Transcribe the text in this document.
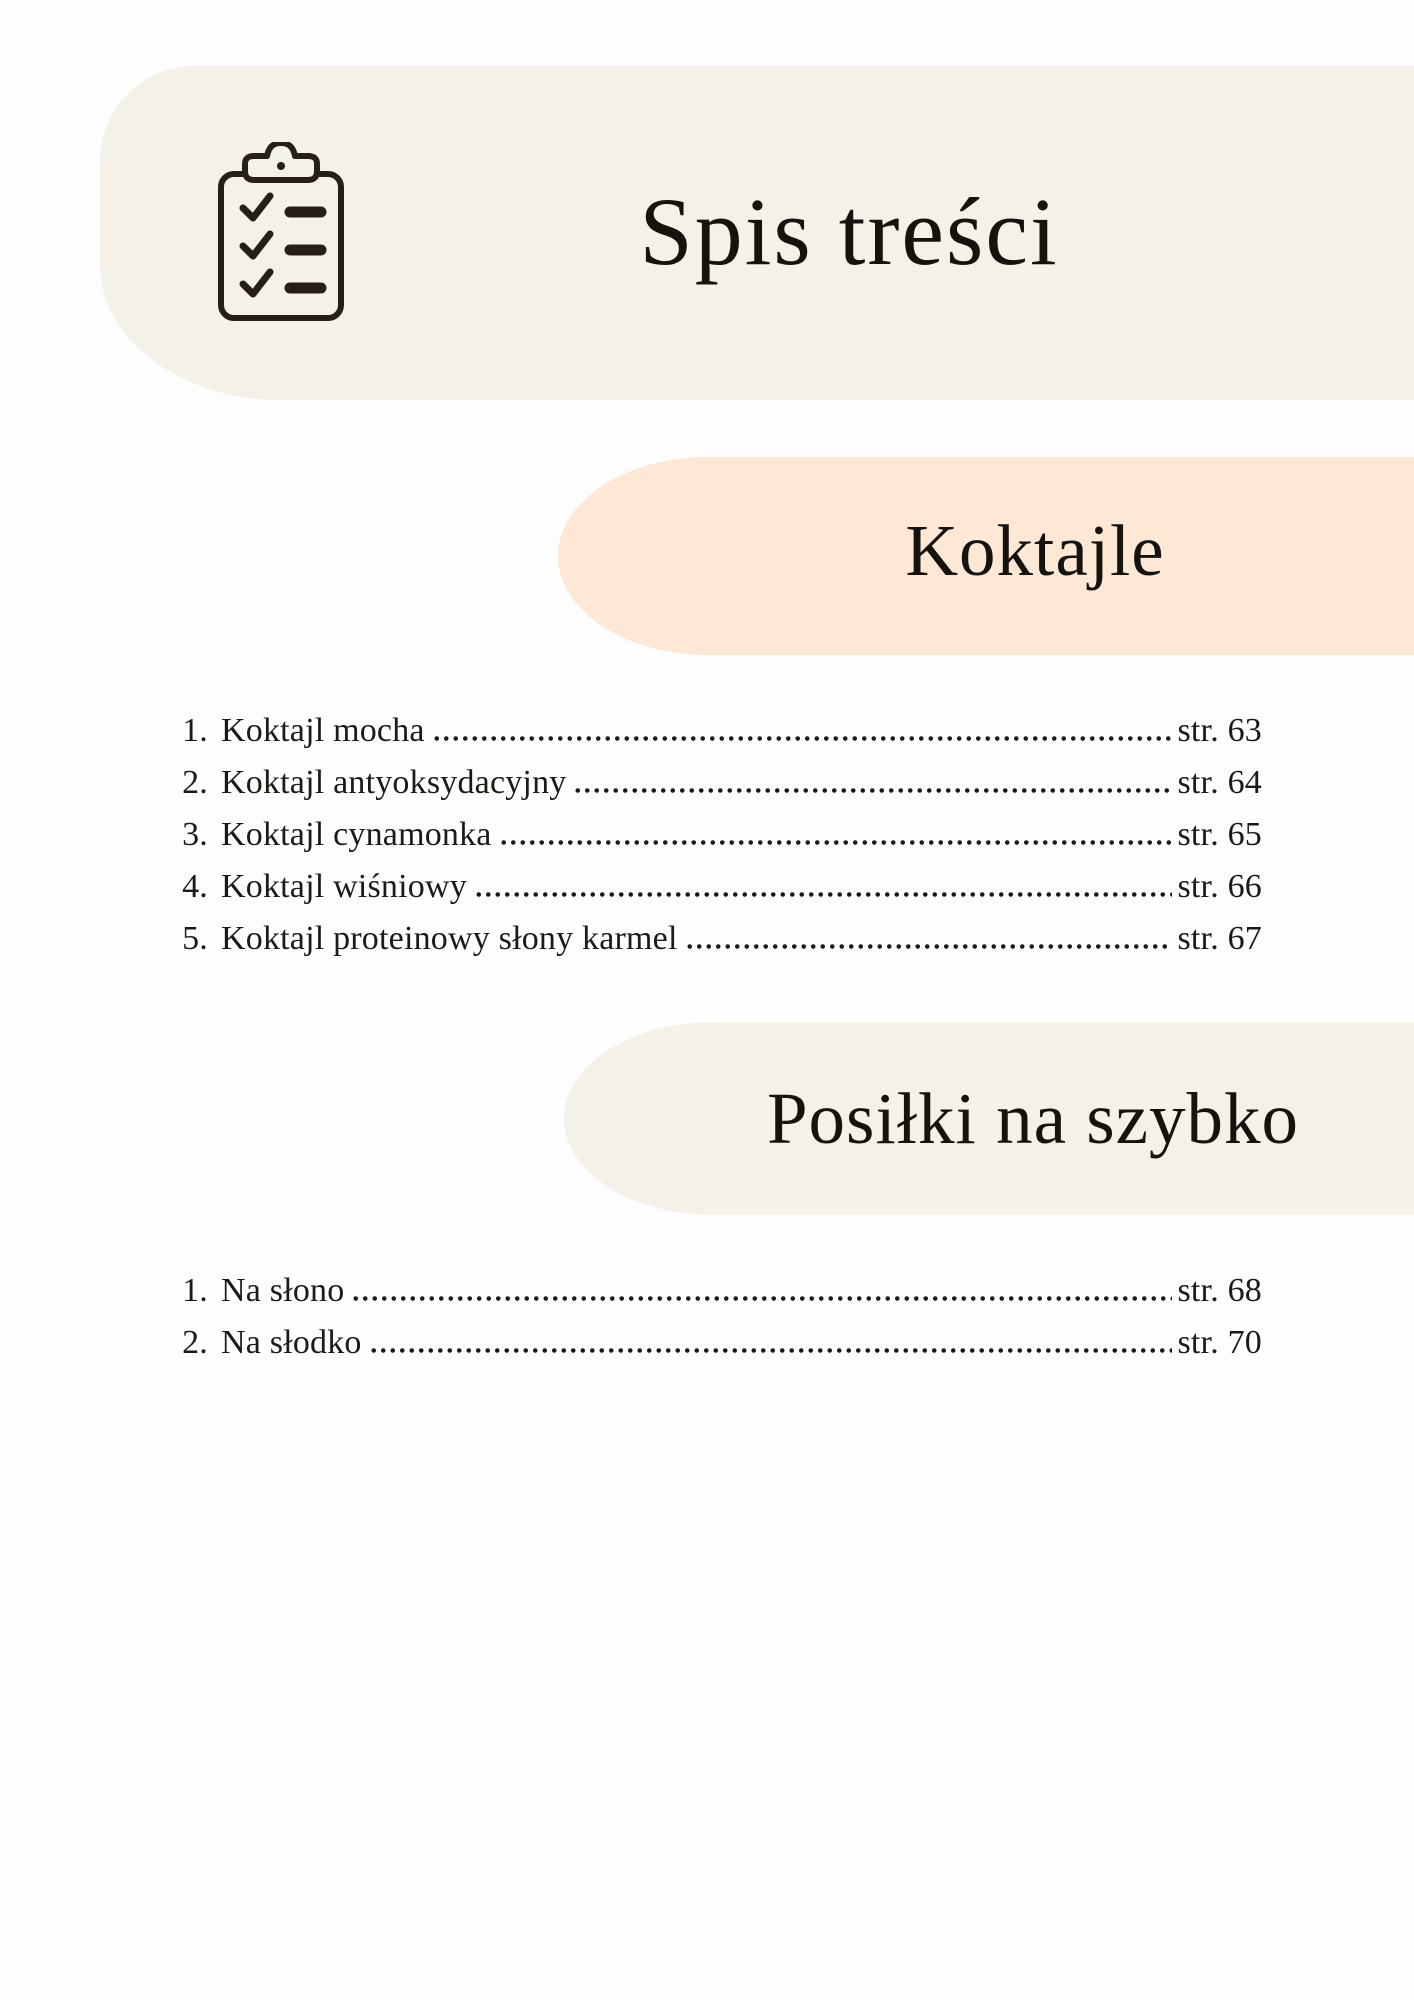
Spis treści
Koktajle
1. Koktajl mocha	str. 63
2. Koktajl antyoksydacyjny	str. 64
3. Koktajl cynamonka	str. 65
4. Koktajl wiśniowy	str. 66
5. Koktajl proteinowy słony karmel	str. 67
Posiłki na szybko
1. Na słono	str. 68
2. Na słodko	str. 70
